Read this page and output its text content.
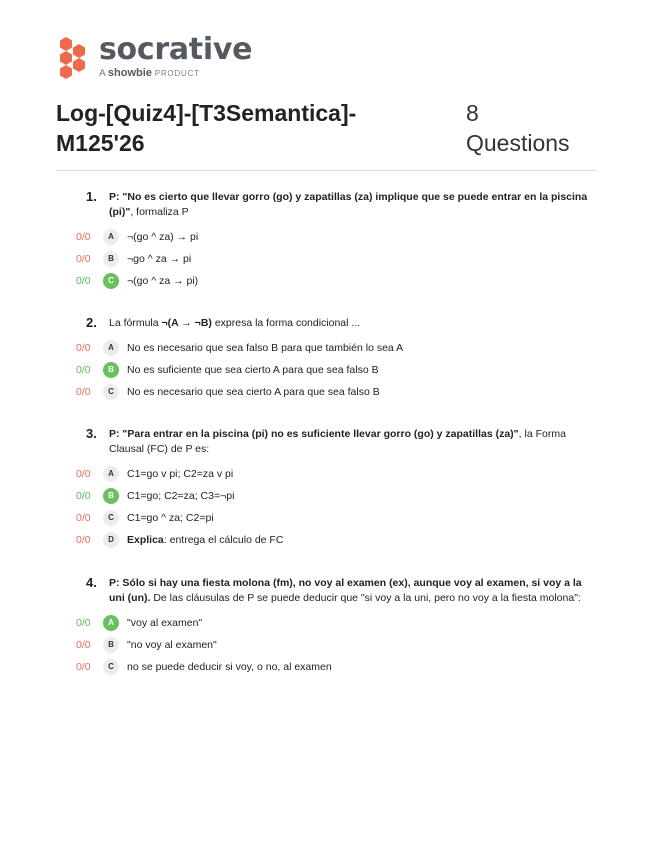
socrative
A showbie PRODUCT
Log-[Quiz4]-[T3Semantica]-M125'26
8
Questions
1. P: "No es cierto que llevar gorro (go) y zapatillas (za) implique que se puede entrar en la piscina (pi)", formaliza P
0/0	A	¬(go ^ za) → pi
0/0	B	¬go ^ za → pi
0/0	C	¬(go ^ za → pi)
2. La fórmula ¬(A → ¬B) expresa la forma condicional ...
0/0	A	No es necesario que sea falso B para que también lo sea A
0/0	B	No es suficiente que sea cierto A para que sea falso B
0/0	C	No es necesario que sea cierto A para que sea falso B
3. P: "Para entrar en la piscina (pi) no es suficiente llevar gorro (go) y zapatillas (za)", la Forma Clausal (FC) de P es:
0/0	A	C1=go v pi; C2=za v pi
0/0	B	C1=go; C2=za; C3=¬pi
0/0	C	C1=go ^ za; C2=pi
0/0	D	Explica: entrega el cálculo de FC
4. P: Sólo si hay una fiesta molona (fm), no voy al examen (ex), aunque voy al examen, si voy a la uni (un). De las cláusulas de P se puede deducir que "si voy a la uni, pero no voy a la fiesta molona":
0/0	A	"voy al examen"
0/0	B	"no voy al examen"
0/0	C	no se puede deducir si voy, o no, al examen
